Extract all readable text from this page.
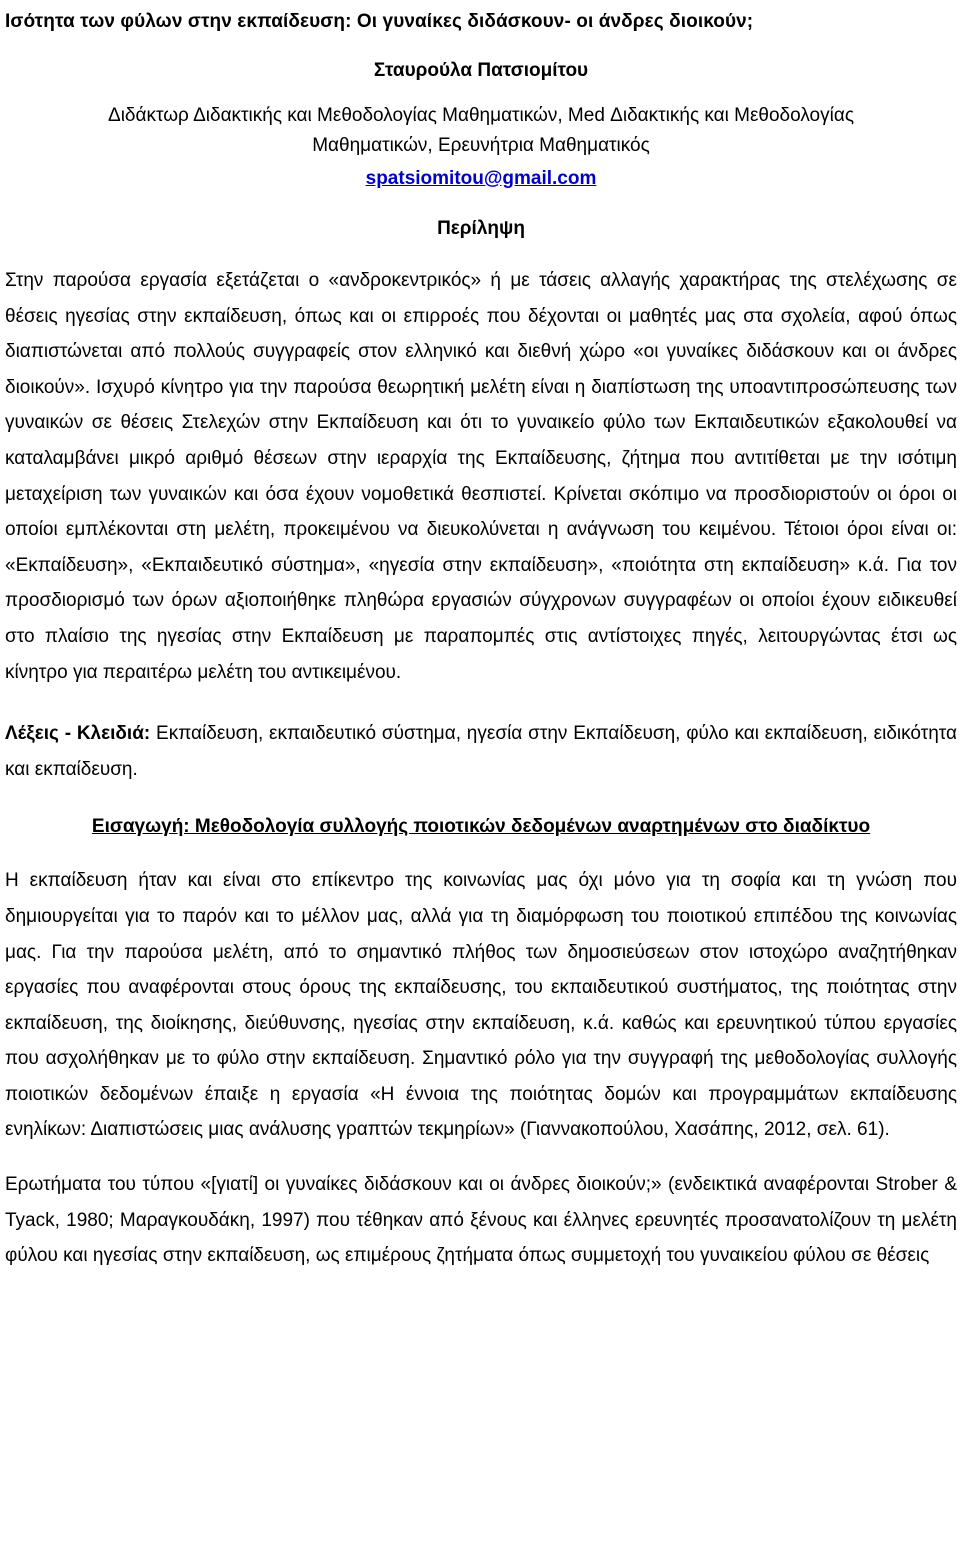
Ισότητα των φύλων στην εκπαίδευση: Οι γυναίκες διδάσκουν- οι άνδρες διοικούν;
Σταυρούλα Πατσιομίτου
Διδάκτωρ Διδακτικής και Μεθοδολογίας Μαθηματικών, Med Διδακτικής και Μεθοδολογίας
Μαθηματικών, Ερευνήτρια Μαθηματικός
spatsiomitou@gmail.com
Περίληψη

Στην παρούσα εργασία εξετάζεται ο «ανδροκεντρικός» ή με τάσεις αλλαγής χαρακτήρας της στελέχωσης σε θέσεις ηγεσίας στην εκπαίδευση, όπως και οι επιρροές που δέχονται οι μαθητές μας στα σχολεία, αφού όπως διαπιστώνεται από πολλούς συγγραφείς στον ελληνικό και διεθνή χώρο «οι γυναίκες διδάσκουν και οι άνδρες διοικούν». Ισχυρό κίνητρο για την παρούσα θεωρητική μελέτη είναι η διαπίστωση της υποαντιπροσώπευσης των γυναικών σε θέσεις Στελεχών στην Εκπαίδευση και ότι το γυναικείο φύλο των Εκπαιδευτικών εξακολουθεί να καταλαμβάνει μικρό αριθμό θέσεων στην ιεραρχία της Εκπαίδευσης, ζήτημα που αντιτίθεται με την ισότιμη μεταχείριση των γυναικών και όσα έχουν νομοθετικά θεσπιστεί. Κρίνεται σκόπιμο να προσδιοριστούν οι όροι οι οποίοι εμπλέκονται στη μελέτη, προκειμένου να διευκολύνεται η ανάγνωση του κειμένου. Τέτοιοι όροι είναι οι: «Εκπαίδευση», «Εκπαιδευτικό σύστημα», «ηγεσία στην εκπαίδευση», «ποιότητα στη εκπαίδευση» κ.ά. Για τον προσδιορισμό των όρων αξιοποιήθηκε πληθώρα εργασιών σύγχρονων συγγραφέων οι οποίοι έχουν ειδικευθεί στο πλαίσιο της ηγεσίας στην Εκπαίδευση με παραπομπές στις αντίστοιχες πηγές, λειτουργώντας έτσι ως κίνητρο για περαιτέρω μελέτη του αντικειμένου.

Λέξεις - Κλειδιά: Εκπαίδευση, εκπαιδευτικό σύστημα, ηγεσία στην Εκπαίδευση, φύλο και εκπαίδευση, ειδικότητα και εκπαίδευση.

Εισαγωγή: Μεθοδολογία συλλογής ποιοτικών δεδομένων αναρτημένων στο διαδίκτυο

Η εκπαίδευση ήταν και είναι στο επίκεντρο της κοινωνίας μας όχι μόνο για τη σοφία και τη γνώση που δημιουργείται για το παρόν και το μέλλον μας, αλλά για τη διαμόρφωση του ποιοτικού επιπέδου της κοινωνίας μας. Για την παρούσα μελέτη, από το σημαντικό πλήθος των δημοσιεύσεων στον ιστοχώρο αναζητήθηκαν εργασίες που αναφέρονται στους όρους της εκπαίδευσης, του εκπαιδευτικού συστήματος, της ποιότητας στην εκπαίδευση, της διοίκησης, διεύθυνσης, ηγεσίας στην εκπαίδευση, κ.ά. καθώς και ερευνητικού τύπου εργασίες που ασχολήθηκαν με το φύλο στην εκπαίδευση. Σημαντικό ρόλο για την συγγραφή της μεθοδολογίας συλλογής ποιοτικών δεδομένων έπαιξε η εργασία «Η έννοια της ποιότητας δομών και προγραμμάτων εκπαίδευσης ενηλίκων: Διαπιστώσεις μιας ανάλυσης γραπτών τεκμηρίων» (Γιανναкοπούλου, Χασάπης, 2012, σελ. 61).

Ερωτήματα του τύπου «[γιατί] οι γυναίκες διδάσκουν και οι άνδρες διοικούν;» (ενδεικτικά αναφέρονται Strober & Tyack, 1980; Μαραγκουδάκη, 1997) που τέθηκαν από ξένους και έλληνες ερευνητές προσανατολίζουν τη μελέτη φύλου και ηγεσίας στην εκπαίδευση, ως επιμέρους ζητήματα όπως συμμετοχή του γυναικείου φύλου σε θέσεις
